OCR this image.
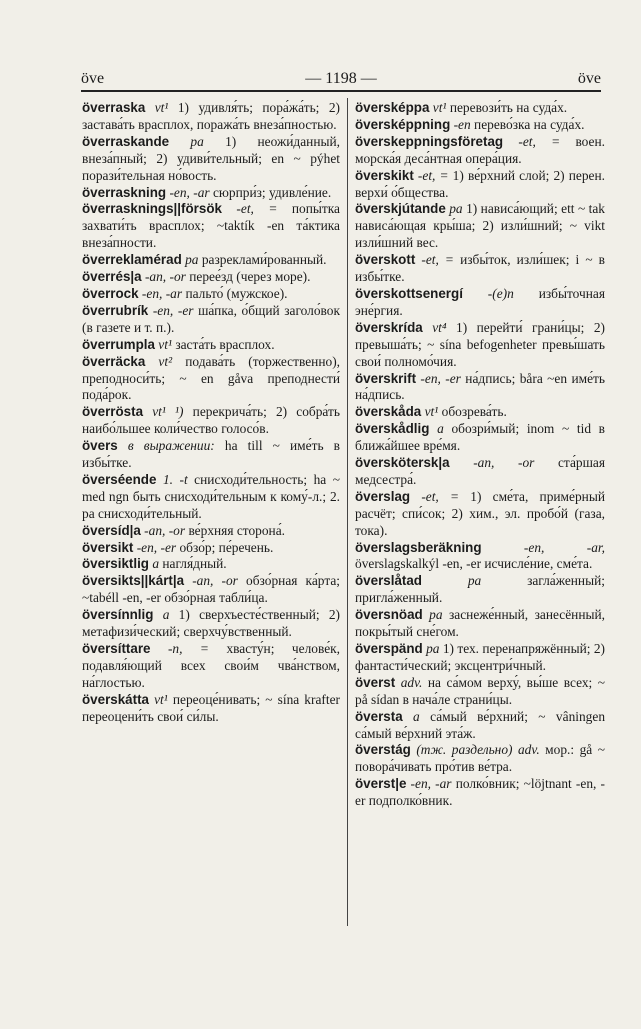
öve	— 1198 —	öve

överraska vt¹ 1) удивля́ть; пора́жа́ть; 2) застава́ть врасплох, поража́ть внеза́пностью.

överraskande pa 1) неожи́данный, внеза́пный; 2) удиви́тельный; en ~ pýhet порази́тельная но́вость.

överraskning -en, -ar сюрпри́з; удивле́ние.

överrasknings||försök -et, = попы́тка захвати́ть врасплох; ~taktík -en та́ктика внеза́пности.

överreklamérad pa разреклами́рованный.

överrés|a -an, -or перее́зд (через море).

överrock -en, -ar пальто́ (мужское).

överrubrík -en, -er ша́пка, о́бщий заголо́вок (в газете и т. п.).

överrumpla vt¹ заста́ть врасплох.

överräcka vt² подава́ть (торжественно), преподноси́ть; ~ en gåva преподнести́ пода́рок.

överrösta vt¹ ¹) перекрича́ть; 2) собра́ть наибо́льшее коли́чество голосо́в.

övers в выражении: ha till ~ име́ть в избы́тке.

överséende 1. -t снисходи́тельность; ha ~ med ngn быть снисходи́тельным к кому́-л.; 2. pa снисходи́тельный.

översíd|a -an, -or ве́рхняя сторона́.

översikt -en, -er обзо́р; пе́речень.

översiktlig a нагля́дный.

översikts||kárt|a -an, -or обзо́рная ка́рта; ~tabéll -en, -er обзо́рная табли́ца.

översínnlig a 1) сверхъесте́ственный; 2) метафизи́ческий; сверхчу́вственный.

översíttare -n, = хвасту́н; челове́к, подавля́ющий всех свои́м чва́нством, на́глостью.

överskátta vt¹ переоце́нивать; ~ sína krafter переоцени́ть свои́ си́лы.

översképpa vt¹ перевози́ть на суда́х.

översképpning -en перево́зка на суда́х.

överskeppningsföretag -et, = воен. морска́я деса́нтная опера́ция.

överskikt -et, = 1) ве́рхний слой; 2) перен. верхи́ о́бщества.

överskjútande pa 1) нависа́ющий; ett ~ tak нависа́ющая кры́ша; 2) изли́шний; ~ vikt изли́шний вес.

överskott -et, = избы́ток, изли́шек; i ~ в избы́тке.

överskottsenergí -(e)n избы́точная эне́ргия.

överskrída vt⁴ 1) перейти́ грани́цы; 2) превыша́ть; ~ sína befogenheter превы́шать свои́ полномо́чия.

överskrift -en, -er на́дпись; båra ~en име́ть на́дпись.

överskåda vt¹ обозрева́ть.

överskådlig a обозри́мый; inom ~ tid в ближа́йшее вре́мя.

överskötersk|a -an, -or ста́ршая медсестра́.

överslag -et, = 1) сме́та, приме́рный расчёт; спи́сок; 2) хим., эл. пробо́й (газа, тока).

överslagsberäkning -en, -ar, överslagskalkýl -en, -er исчисле́ние, сме́та.

överslåtad pa загла́женный; пригла́женный.

översnöad pa заснеже́нный, занесённый, покры́тый сне́гом.

överspänd pa 1) тех. перенапряжённый; 2) фантасти́ческий; эксцентри́чный.

överst adv. на са́мом верху́, вы́ше всех; ~ på sídan в нача́ле страни́цы.

översta a са́мый ве́рхний; ~ vâningen са́мый ве́рхний эта́ж.

överstág (тж. раздельно) adv. мор.: gå ~ повора́чивать про́тив ве́тра.

överst|e -en, -ar полко́вник; ~löjtnant -en, -er подполко́вник.
